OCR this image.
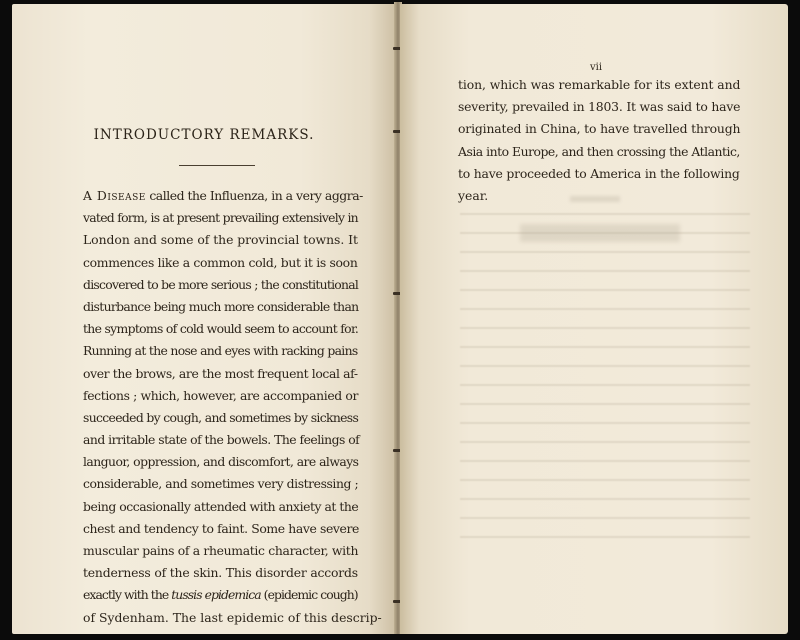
INTRODUCTORY REMARKS.
A Disease called the Influenza, in a very aggra-
vated form, is at present prevailing extensively in
London and some of the provincial towns. It
commences like a common cold, but it is soon
discovered to be more serious ; the constitutional
disturbance being much more considerable than
the symptoms of cold would seem to account for.
Running at the nose and eyes with racking pains
over the brows, are the most frequent local af-
fections ; which, however, are accompanied or
succeeded by cough, and sometimes by sickness
and irritable state of the bowels. The feelings of
languor, oppression, and discomfort, are always
considerable, and sometimes very distressing ;
being occasionally attended with anxiety at the
chest and tendency to faint. Some have severe
muscular pains of a rheumatic character, with
tenderness of the skin. This disorder accords
exactly with the tussis epidemica (epidemic cough)
of Sydenham. The last epidemic of this descrip-
vii
tion, which was remarkable for its extent and
severity, prevailed in 1803. It was said to have
originated in China, to have travelled through
Asia into Europe, and then crossing the Atlantic,
to have proceeded to America in the following
year.
